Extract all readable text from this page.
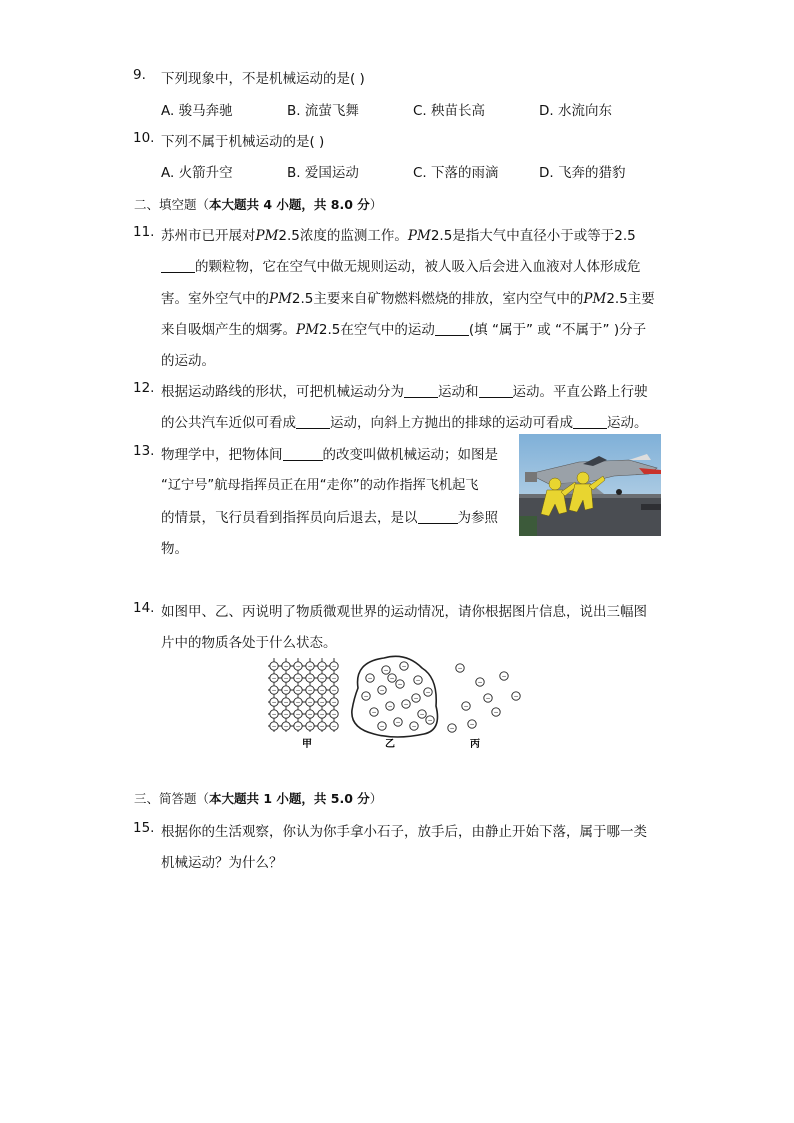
9. 下列现象中，不是机械运动的是( )
A. 骏马奔驰	B. 流萤飞舞	C. 秧苗长高	D. 水流向东
10. 下列不属于机械运动的是( )
A. 火箭升空	B. 爱国运动	C. 下落的雨滴	D. 飞奔的猎豹
二、填空题（本大题共 4 小题，共 8.0 分）
11. 苏州市已开展对PM2.5浓度的监测工作。PM2.5是指大气中直径小于或等于2.5
的颗粒物，它在空气中做无规则运动，被人吸入后会进入血液对人体形成危
害。室外空气中的PM2.5主要来自矿物燃料燃烧的排放，室内空气中的PM2.5主要
来自吸烟产生的烟雾。PM2.5在空气中的运动	(填 “属于” 或 “不属于” )分子
的运动。
12. 根据运动路线的形状，可把机械运动分为	运动和	运动。平直公路上行驶
的公共汽车近似可看成	运动，向斜上方抛出的排球的运动可看成	运动。
13. 物理学中，把物体间	的改变叫做机械运动；如图是
“辽宁号”航母指挥员正在用“走你”的动作指挥飞机起飞
的情景，飞行员看到指挥员向后退去，是以	为参照
物。
14. 如图甲、乙、丙说明了物质微观世界的运动情况，请你根据图片信息，说出三幅图
片中的物质各处于什么状态。
− − − − − −
− − − − − −
− − − − − −
− − − − − −
− − − − − −
− − − − − −
−
−
−
−
−
−
−
−
−
−
− −
−
−
−
−
−
−
−
−
−
−	−
−
−
−
−
甲	乙	丙
三、简答题（本大题共 1 小题，共 5.0 分）
15. 根据你的生活观察，你认为你手拿小石子，放手后，由静止开始下落，属于哪一类
机械运动？为什么？
